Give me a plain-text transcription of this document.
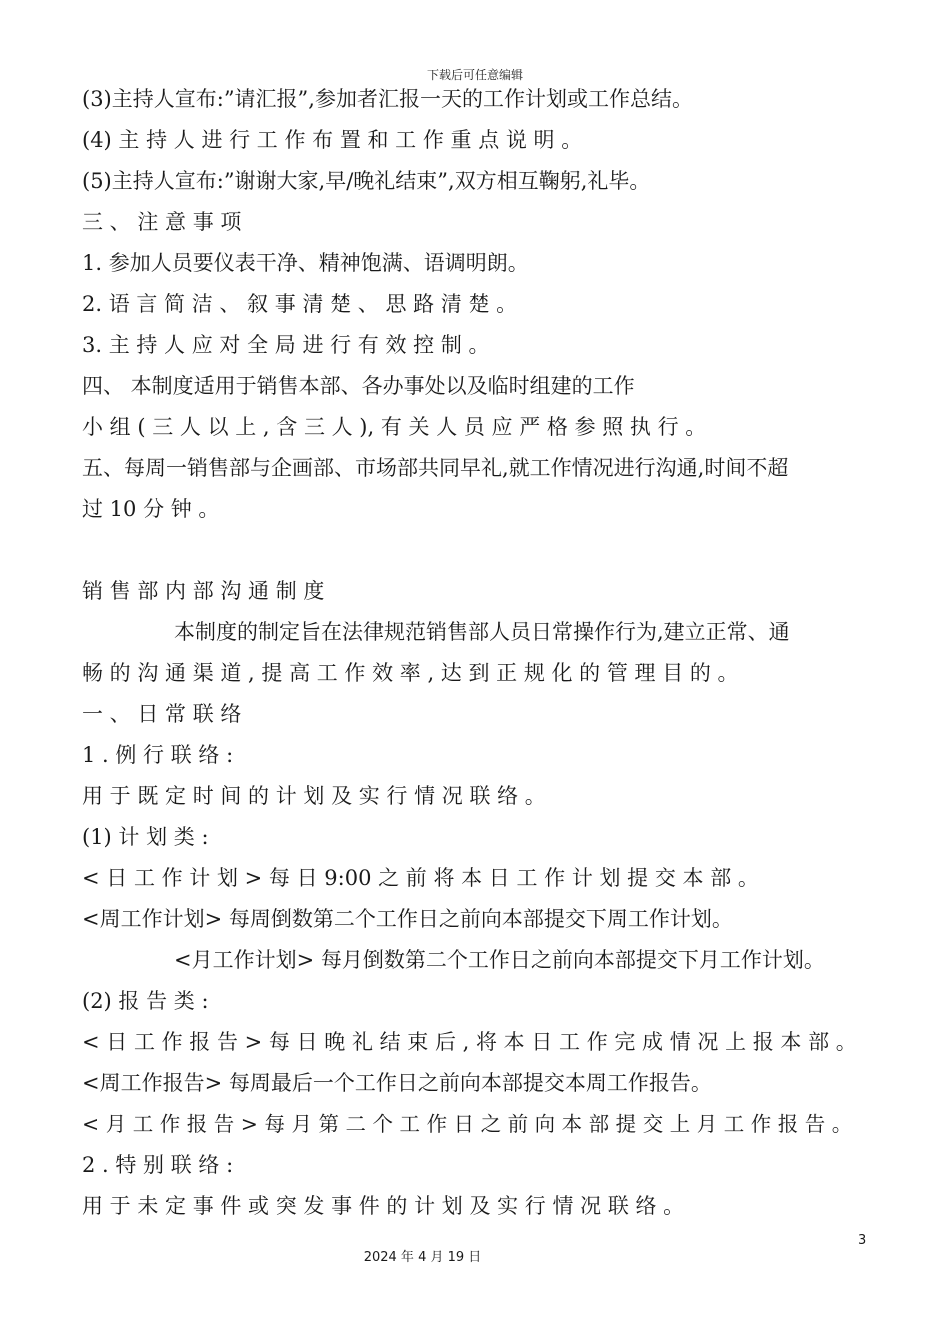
下载后可任意编辑
(3)主持人宣布:”请汇报”,参加者汇报一天的工作计划或工作总结。
(4) 主 持 人 进 行 工 作 布 置 和 工 作 重 点 说 明 。
(5)主持人宣布:”谢谢大家,早/晚礼结束”,双方相互鞠躬,礼毕。
三 、 注 意 事 项
1. 参加人员要仪表干净、精神饱满、语调明朗。
2. 语 言 简 洁 、 叙 事 清 楚 、 思 路 清 楚 。
3. 主 持 人 应 对 全 局 进 行 有 效 控 制 。
四、 本制度适用于销售本部、各办事处以及临时组建的工作
小 组 ( 三 人 以 上 , 含 三 人 ), 有 关 人 员 应 严 格 参 照 执 行 。
五、每周一销售部与企画部、市场部共同早礼,就工作情况进行沟通,时间不超
过 10 分 钟 。
销 售 部 内 部 沟 通 制 度
本制度的制定旨在法律规范销售部人员日常操作行为,建立正常、通
畅 的 沟 通 渠 道 , 提 高 工 作 效 率 , 达 到 正 规 化 的 管 理 目 的 。
一 、 日 常 联 络
1 . 例 行 联 络 :
用 于 既 定 时 间 的 计 划 及 实 行 情 况 联 络 。
(1) 计 划 类 :
< 日 工 作 计 划 > 每 日 9:00 之 前 将 本 日 工 作 计 划 提 交 本 部 。
<周工作计划> 每周倒数第二个工作日之前向本部提交下周工作计划。
<月工作计划> 每月倒数第二个工作日之前向本部提交下月工作计划。
(2) 报 告 类 :
< 日 工 作 报 告 > 每 日 晚 礼 结 束 后 , 将 本 日 工 作 完 成 情 况 上 报 本 部 。
<周工作报告> 每周最后一个工作日之前向本部提交本周工作报告。
< 月 工 作 报 告 > 每 月 第 二 个 工 作 日 之 前 向 本 部 提 交 上 月 工 作 报 告 。
2 . 特 别 联 络 :
用 于 未 定 事 件 或 突 发 事 件 的 计 划 及 实 行 情 况 联 络 。
3
2024 年 4 月 19 日
